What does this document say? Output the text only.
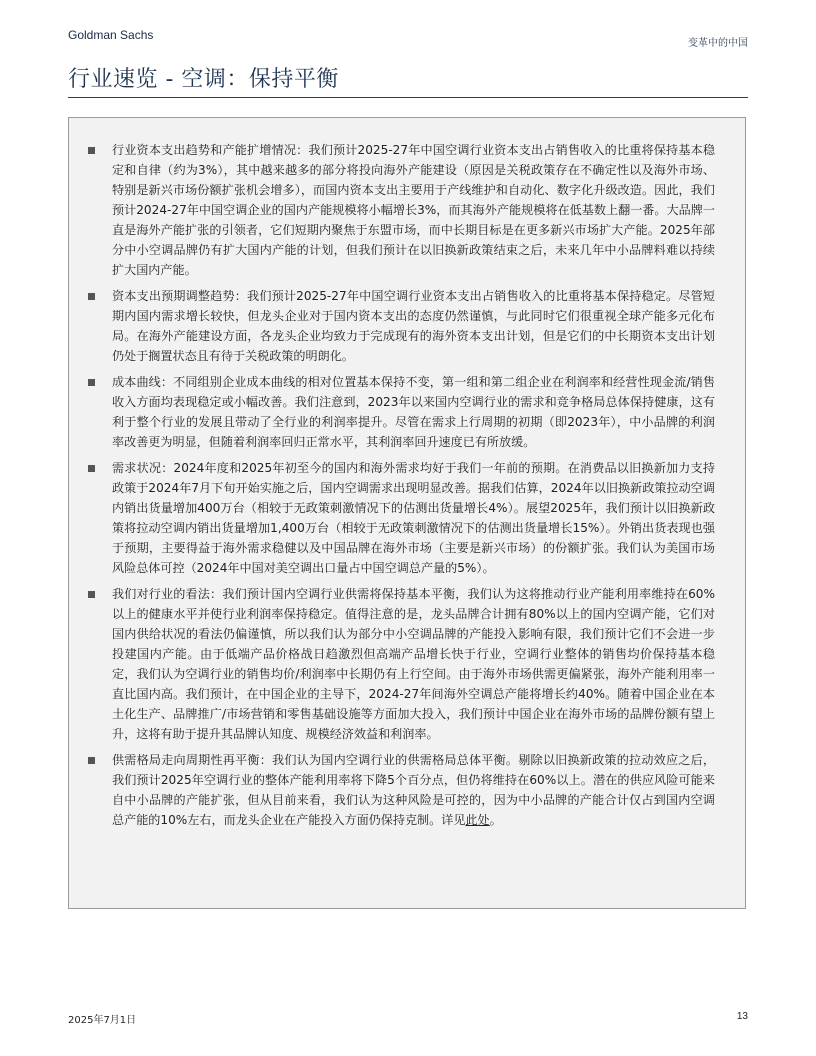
Goldman Sachs
变革中的中国
行业速览 - 空调：保持平衡
行业资本支出趋势和产能扩增情况：我们预计2025-27年中国空调行业资本支出占销售收入的比重将保持基本稳定和自律（约为3%），其中越来越多的部分将投向海外产能建设（原因是关税政策存在不确定性以及海外市场、特别是新兴市场份额扩张机会增多），而国内资本支出主要用于产线维护和自动化、数字化升级改造。因此，我们预计2024-27年中国空调企业的国内产能规模将小幅增长3%，而其海外产能规模将在低基数上翻一番。大品牌一直是海外产能扩张的引领者，它们短期内聚焦于东盟市场，而中长期目标是在更多新兴市场扩大产能。2025年部分中小空调品牌仍有扩大国内产能的计划，但我们预计在以旧换新政策结束之后，未来几年中小品牌料难以持续扩大国内产能。
资本支出预期调整趋势：我们预计2025-27年中国空调行业资本支出占销售收入的比重将基本保持稳定。尽管短期内国内需求增长较快，但龙头企业对于国内资本支出的态度仍然谨慎，与此同时它们很重视全球产能多元化布局。在海外产能建设方面，各龙头企业均致力于完成现有的海外资本支出计划，但是它们的中长期资本支出计划仍处于搁置状态且有待于关税政策的明朗化。
成本曲线：不同组别企业成本曲线的相对位置基本保持不变，第一组和第二组企业在利润率和经营性现金流/销售收入方面均表现稳定或小幅改善。我们注意到，2023年以来国内空调行业的需求和竞争格局总体保持健康，这有利于整个行业的发展且带动了全行业的利润率提升。尽管在需求上行周期的初期（即2023年），中小品牌的利润率改善更为明显，但随着利润率回归正常水平，其利润率回升速度已有所放缓。
需求状况：2024年度和2025年初至今的国内和海外需求均好于我们一年前的预期。在消费品以旧换新加力支持政策于2024年7月下旬开始实施之后，国内空调需求出现明显改善。据我们估算，2024年以旧换新政策拉动空调内销出货量增加400万台（相较于无政策刺激情况下的估测出货量增长4%）。展望2025年，我们预计以旧换新政策将拉动空调内销出货量增加1,400万台（相较于无政策刺激情况下的估测出货量增长15%）。外销出货表现也强于预期，主要得益于海外需求稳健以及中国品牌在海外市场（主要是新兴市场）的份额扩张。我们认为美国市场风险总体可控（2024年中国对美空调出口量占中国空调总产量的5%）。
我们对行业的看法：我们预计国内空调行业供需将保持基本平衡，我们认为这将推动行业产能利用率维持在60%以上的健康水平并使行业利润率保持稳定。值得注意的是，龙头品牌合计拥有80%以上的国内空调产能，它们对国内供给状况的看法仍偏谨慎，所以我们认为部分中小空调品牌的产能投入影响有限，我们预计它们不会进一步投建国内产能。由于低端产品价格战日趋激烈但高端产品增长快于行业，空调行业整体的销售均价保持基本稳定，我们认为空调行业的销售均价/利润率中长期仍有上行空间。由于海外市场供需更偏紧张，海外产能利用率一直比国内高。我们预计，在中国企业的主导下，2024-27年间海外空调总产能将增长约40%。随着中国企业在本土化生产、品牌推广/市场营销和零售基础设施等方面加大投入，我们预计中国企业在海外市场的品牌份额有望上升，这将有助于提升其品牌认知度、规模经济效益和利润率。
供需格局走向周期性再平衡：我们认为国内空调行业的供需格局总体平衡。剔除以旧换新政策的拉动效应之后，我们预计2025年空调行业的整体产能利用率将下降5个百分点，但仍将维持在60%以上。潜在的供应风险可能来自中小品牌的产能扩张，但从目前来看，我们认为这种风险是可控的，因为中小品牌的产能合计仅占到国内空调总产能的10%左右，而龙头企业在产能投入方面仍保持克制。详见此处。
2025年7月1日	13
